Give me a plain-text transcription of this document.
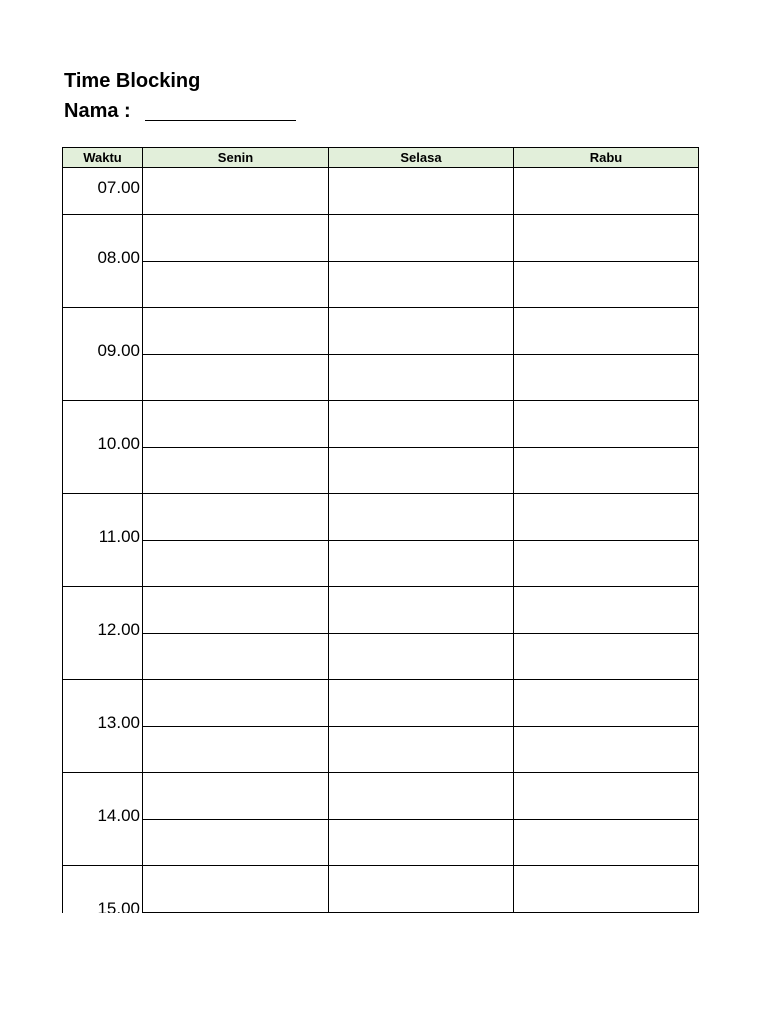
Time Blocking
Nama :
Waktu	Senin	Selasa	Rabu
07.00
08.00
09.00
10.00
11.00
12.00
13.00
14.00
15.00
